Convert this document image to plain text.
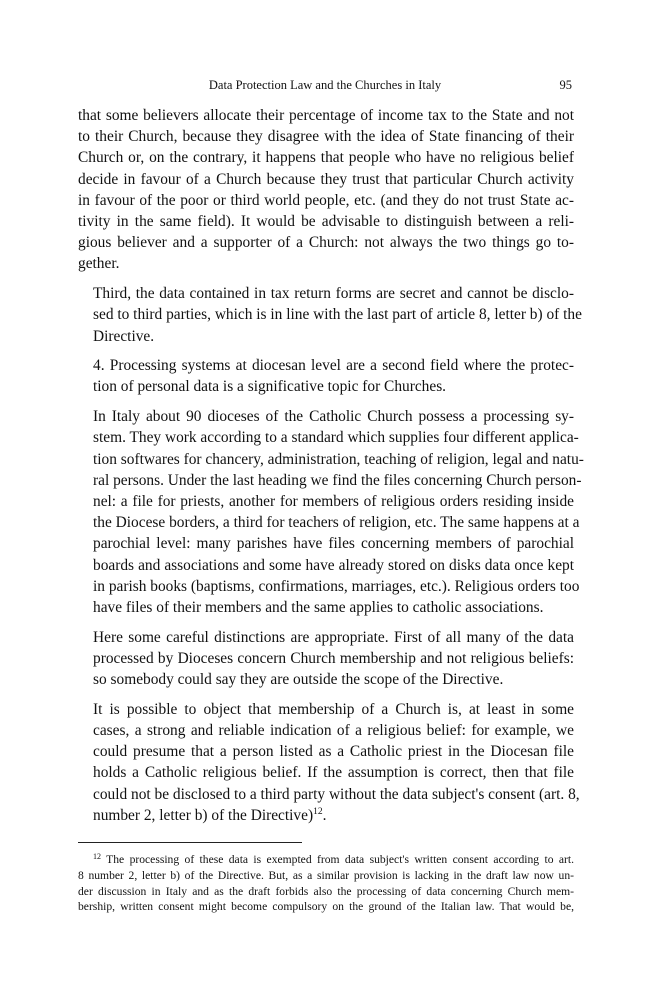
Data Protection Law and the Churches in Italy	95

that some believers allocate their percentage of income tax to the State and not
to their Church, because they disagree with the idea of State financing of their
Church or, on the contrary, it happens that people who have no religious belief
decide in favour of a Church because they trust that particular Church activity
in favour of the poor or third world people, etc. (and they do not trust State ac-
tivity in the same field). It would be advisable to distinguish between a reli-
gious believer and a supporter of a Church: not always the two things go to-
gether.

Third, the data contained in tax return forms are secret and cannot be disclo-
sed to third parties, which is in line with the last part of article 8, letter b) of the
Directive.

4. Processing systems at diocesan level are a second field where the protec-
tion of personal data is a significative topic for Churches.

In Italy about 90 dioceses of the Catholic Church possess a processing sy-
stem. They work according to a standard which supplies four different applica-
tion softwares for chancery, administration, teaching of religion, legal and natu-
ral persons. Under the last heading we find the files concerning Church person-
nel: a file for priests, another for members of religious orders residing inside
the Diocese borders, a third for teachers of religion, etc. The same happens at a
parochial level: many parishes have files concerning members of parochial
boards and associations and some have already stored on disks data once kept
in parish books (baptisms, confirmations, marriages, etc.). Religious orders too
have files of their members and the same applies to catholic associations.

Here some careful distinctions are appropriate. First of all many of the data
processed by Dioceses concern Church membership and not religious beliefs:
so somebody could say they are outside the scope of the Directive.

It is possible to object that membership of a Church is, at least in some
cases, a strong and reliable indication of a religious belief: for example, we
could presume that a person listed as a Catholic priest in the Diocesan file
holds a Catholic religious belief. If the assumption is correct, then that file
could not be disclosed to a third party without the data subject's consent (art. 8,
number 2, letter b) of the Directive)$^{12}$.

$^{12}$ The processing of these data is exempted from data subject's written consent according to art.
8 number 2, letter b) of the Directive. But, as a similar provision is lacking in the draft law now un-
der discussion in Italy and as the draft forbids also the processing of data concerning Church mem-
bership, written consent might become compulsory on the ground of the Italian law. That would be,
